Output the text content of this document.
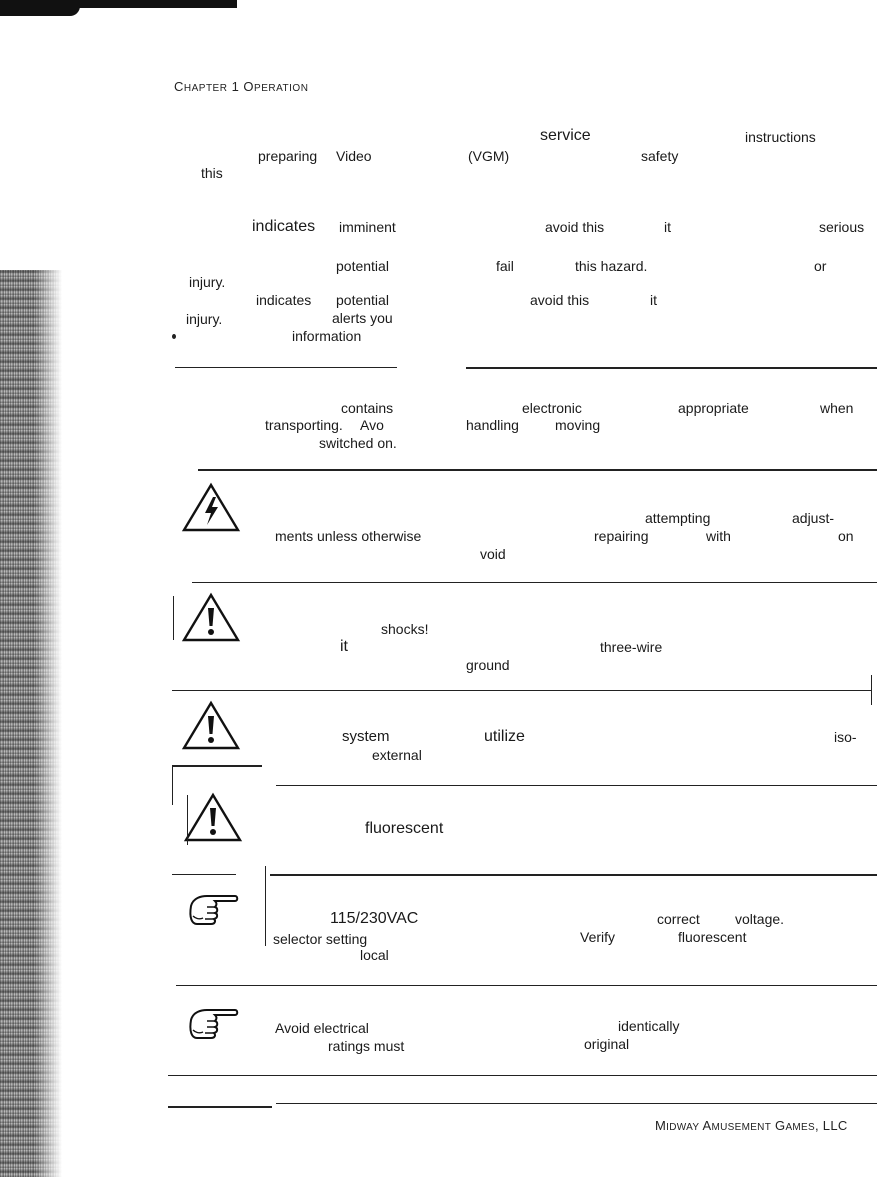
CHAPTER 1 OPERATION
service	instructions
preparing Video	(VGM)	safety
this
indicates imminent	avoid this	it	serious
potential	fail	this hazard.	or
injury.
indicates potential	avoid this	it
injury.	alerts you
information
contains	electronic	appropriate	when
transporting. Avo	handling	moving
switched on.
attempting	adjust-
ments unless otherwise	repairing	with	on
void
shocks!
it	three-wire
ground
system	utilize	iso-
external
fluorescent
115/230VAC	correct	voltage.
selector setting	Verify	fluorescent
local
Avoid electrical	identically
ratings must	original
MIDWAY AMUSEMENT GAMES, LLC
